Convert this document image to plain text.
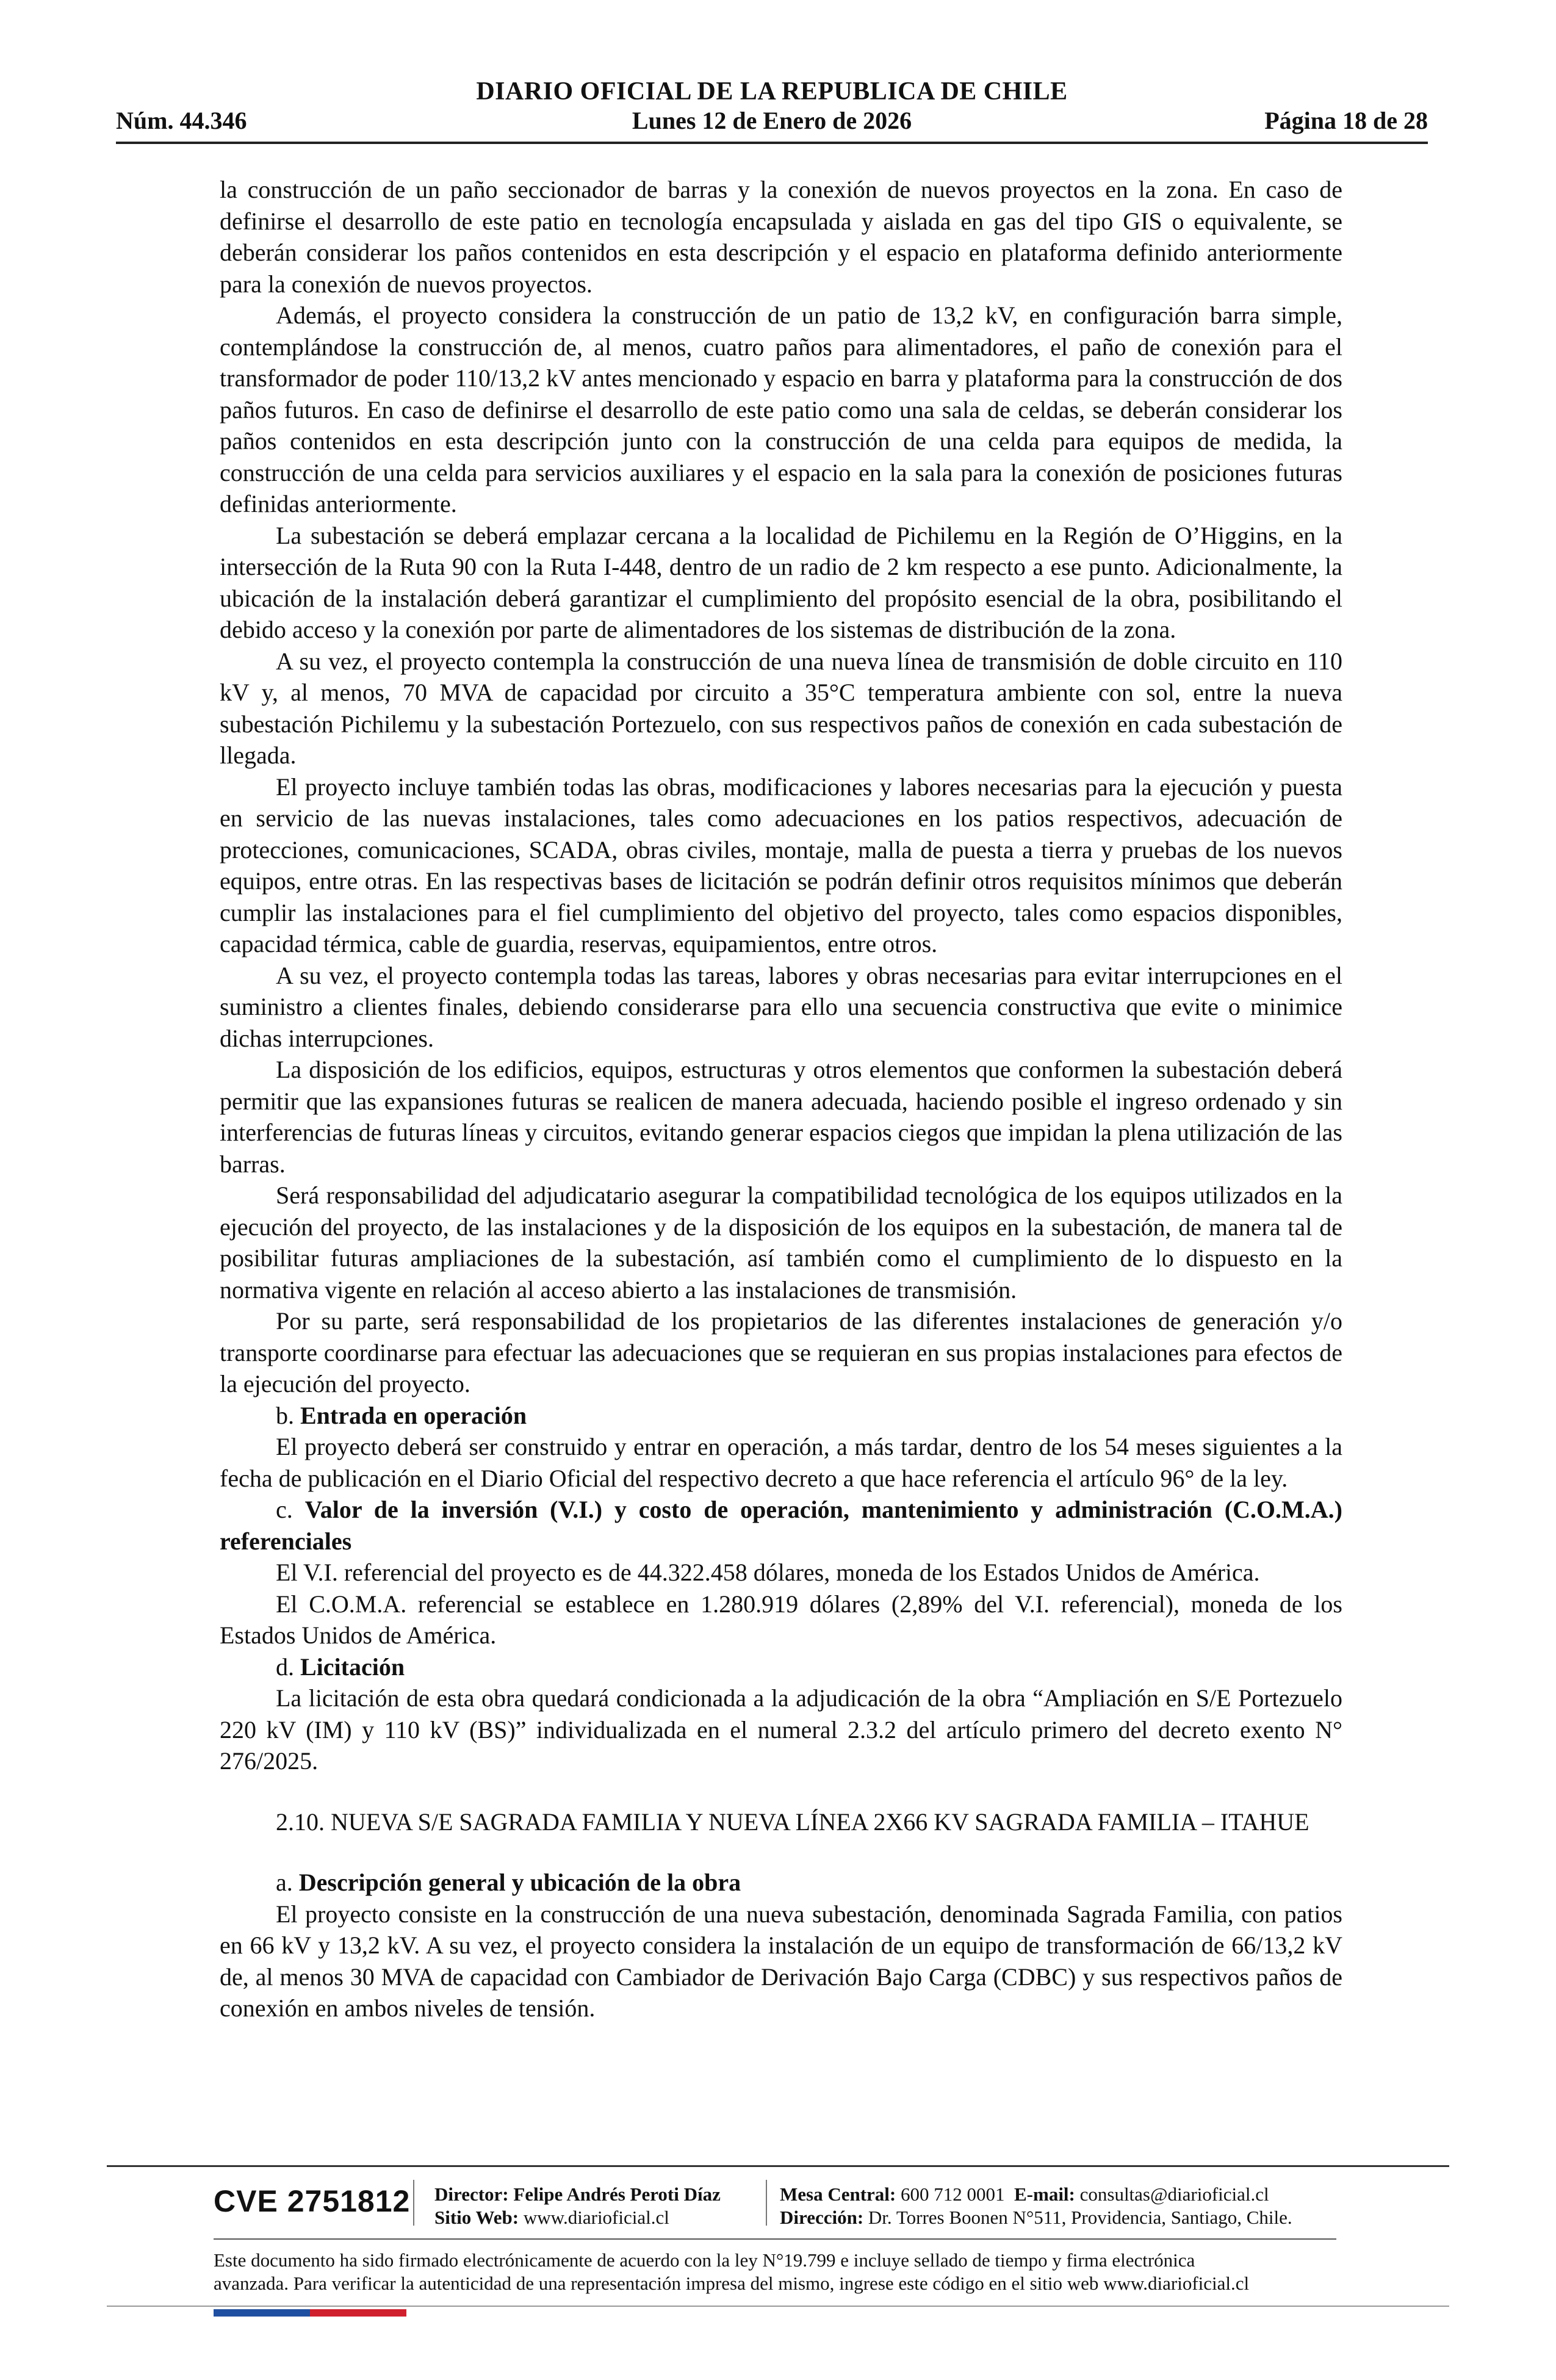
DIARIO OFICIAL DE LA REPUBLICA DE CHILE
Núm. 44.346	Lunes 12 de Enero de 2026	Página 18 de 28

la construcción de un paño seccionador de barras y la conexión de nuevos proyectos en la zona. En caso de definirse el desarrollo de este patio en tecnología encapsulada y aislada en gas del tipo GIS o equivalente, se deberán considerar los paños contenidos en esta descripción y el espacio en plataforma definido anteriormente para la conexión de nuevos proyectos.

Además, el proyecto considera la construcción de un patio de 13,2 kV, en configuración barra simple, contemplándose la construcción de, al menos, cuatro paños para alimentadores, el paño de conexión para el transformador de poder 110/13,2 kV antes mencionado y espacio en barra y plataforma para la construcción de dos paños futuros. En caso de definirse el desarrollo de este patio como una sala de celdas, se deberán considerar los paños contenidos en esta descripción junto con la construcción de una celda para equipos de medida, la construcción de una celda para servicios auxiliares y el espacio en la sala para la conexión de posiciones futuras definidas anteriormente.

La subestación se deberá emplazar cercana a la localidad de Pichilemu en la Región de O’Higgins, en la intersección de la Ruta 90 con la Ruta I-448, dentro de un radio de 2 km respecto a ese punto. Adicionalmente, la ubicación de la instalación deberá garantizar el cumplimiento del propósito esencial de la obra, posibilitando el debido acceso y la conexión por parte de alimentadores de los sistemas de distribución de la zona.

A su vez, el proyecto contempla la construcción de una nueva línea de transmisión de doble circuito en 110 kV y, al menos, 70 MVA de capacidad por circuito a 35°C temperatura ambiente con sol, entre la nueva subestación Pichilemu y la subestación Portezuelo, con sus respectivos paños de conexión en cada subestación de llegada.

El proyecto incluye también todas las obras, modificaciones y labores necesarias para la ejecución y puesta en servicio de las nuevas instalaciones, tales como adecuaciones en los patios respectivos, adecuación de protecciones, comunicaciones, SCADA, obras civiles, montaje, malla de puesta a tierra y pruebas de los nuevos equipos, entre otras. En las respectivas bases de licitación se podrán definir otros requisitos mínimos que deberán cumplir las instalaciones para el fiel cumplimiento del objetivo del proyecto, tales como espacios disponibles, capacidad térmica, cable de guardia, reservas, equipamientos, entre otros.

A su vez, el proyecto contempla todas las tareas, labores y obras necesarias para evitar interrupciones en el suministro a clientes finales, debiendo considerarse para ello una secuencia constructiva que evite o minimice dichas interrupciones.

La disposición de los edificios, equipos, estructuras y otros elementos que conformen la subestación deberá permitir que las expansiones futuras se realicen de manera adecuada, haciendo posible el ingreso ordenado y sin interferencias de futuras líneas y circuitos, evitando generar espacios ciegos que impidan la plena utilización de las barras.

Será responsabilidad del adjudicatario asegurar la compatibilidad tecnológica de los equipos utilizados en la ejecución del proyecto, de las instalaciones y de la disposición de los equipos en la subestación, de manera tal de posibilitar futuras ampliaciones de la subestación, así también como el cumplimiento de lo dispuesto en la normativa vigente en relación al acceso abierto a las instalaciones de transmisión.

Por su parte, será responsabilidad de los propietarios de las diferentes instalaciones de generación y/o transporte coordinarse para efectuar las adecuaciones que se requieran en sus propias instalaciones para efectos de la ejecución del proyecto.

b. Entrada en operación

El proyecto deberá ser construido y entrar en operación, a más tardar, dentro de los 54 meses siguientes a la fecha de publicación en el Diario Oficial del respectivo decreto a que hace referencia el artículo 96° de la ley.

c. Valor de la inversión (V.I.) y costo de operación, mantenimiento y administración (C.O.M.A.) referenciales

El V.I. referencial del proyecto es de 44.322.458 dólares, moneda de los Estados Unidos de América.

El C.O.M.A. referencial se establece en 1.280.919 dólares (2,89% del V.I. referencial), moneda de los Estados Unidos de América.

d. Licitación

La licitación de esta obra quedará condicionada a la adjudicación de la obra “Ampliación en S/E Portezuelo 220 kV (IM) y 110 kV (BS)” individualizada en el numeral 2.3.2 del artículo primero del decreto exento N° 276/2025.

2.10. NUEVA S/E SAGRADA FAMILIA Y NUEVA LÍNEA 2X66 KV SAGRADA FAMILIA – ITAHUE

a. Descripción general y ubicación de la obra

El proyecto consiste en la construcción de una nueva subestación, denominada Sagrada Familia, con patios en 66 kV y 13,2 kV. A su vez, el proyecto considera la instalación de un equipo de transformación de 66/13,2 kV de, al menos 30 MVA de capacidad con Cambiador de Derivación Bajo Carga (CDBC) y sus respectivos paños de conexión en ambos niveles de tensión.

CVE 2751812 Director: Felipe Andrés Peroti Díaz
Sitio Web: www.diarioficial.cl
Mesa Central: 600 712 0001 E-mail: consultas@diarioficial.cl
Dirección: Dr. Torres Boonen N°511, Providencia, Santiago, Chile.
Este documento ha sido firmado electrónicamente de acuerdo con la ley N°19.799 e incluye sellado de tiempo y firma electrónica
avanzada. Para verificar la autenticidad de una representación impresa del mismo, ingrese este código en el sitio web www.diarioficial.cl
